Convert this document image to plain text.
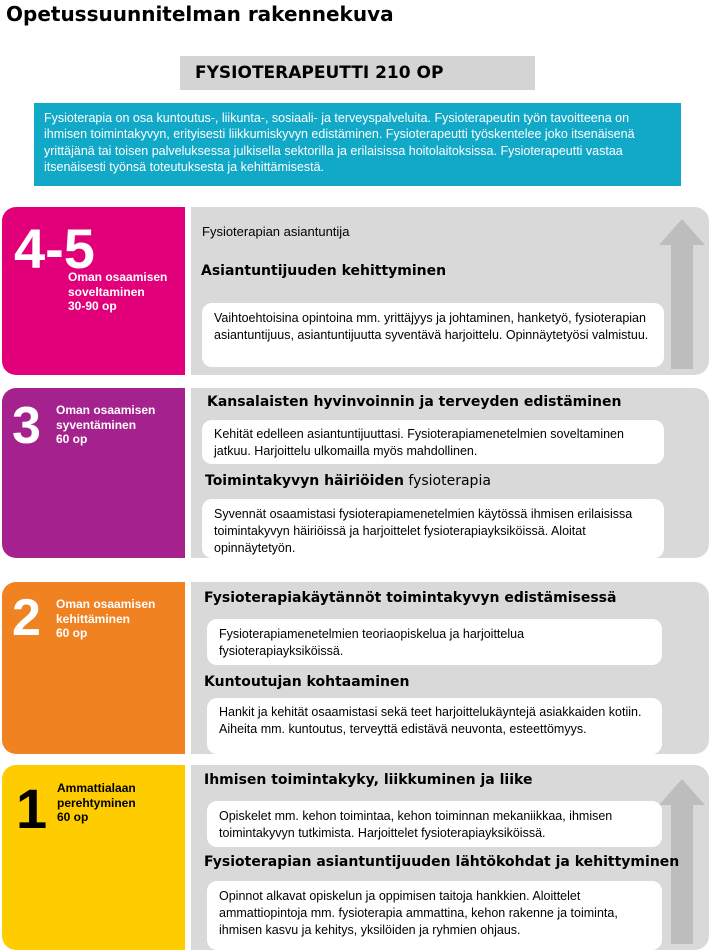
Opetussuunnitelman rakennekuva
FYSIOTERAPEUTTI 210 OP
Fysioterapia on osa kuntoutus-, liikunta-, sosiaali- ja terveyspalveluita. Fysioterapeutin työn tavoitteena on ihmisen toimintakyvyn, erityisesti liikkumiskyvyn edistäminen. Fysioterapeutti työskentelee joko itsenäisenä yrittäjänä tai toisen palveluksessa julkisella sektorilla ja erilaisissa hoitolaitoksissa. Fysioterapeutti vastaa itsenäisesti työnsä toteutuksesta ja kehittämisestä.
4-5
Oman osaamisen
soveltaminen
30-90 op
Fysioterapian asiantuntija
Asiantuntijuuden kehittyminen
Vaihtoehtoisina opintoina mm. yrittäjyys ja johtaminen, hanketyö, fysioterapian asiantuntijuus, asiantuntijuutta syventävä harjoittelu. Opinnäytetyösi valmistuu.
3 Oman osaamisen
syventäminen
60 op
Kansalaisten hyvinvoinnin ja terveyden edistäminen
Kehität edelleen asiantuntijuuttasi. Fysioterapiamenetelmien soveltaminen jatkuu. Harjoittelu ulkomailla myös mahdollinen.
Toimintakyvyn häiriöiden fysioterapia
Syvennät osaamistasi fysioterapiamenetelmien käytössä ihmisen erilaisissa toimintakyvyn häiriöissä ja harjoittelet fysioterapiayksiköissä. Aloitat opinnäytetyön.
2 Oman osaamisen
kehittäminen
60 op
Fysioterapiakäytännöt toimintakyvyn edistämisessä
Fysioterapiamenetelmien teoriaopiskelua ja harjoittelua fysioterapiayksiköissä.
Kuntoutujan kohtaaminen
Hankit ja kehität osaamistasi sekä teet harjoittelukäyntejä asiakkaiden kotiin. Aiheita mm. kuntoutus, terveyttä edistävä neuvonta, esteettömyys.
1 Ammattialaan
perehtyminen
60 op
Ihmisen toimintakyky, liikkuminen ja liike
Opiskelet mm. kehon toimintaa, kehon toiminnan mekaniikkaa, ihmisen toimintakyvyn tutkimista. Harjoittelet fysioterapiayksiköissä.
Fysioterapian asiantuntijuuden lähtökohdat ja kehittyminen
Opinnot alkavat opiskelun ja oppimisen taitoja hankkien. Aloittelet ammattiopintoja mm. fysioterapia ammattina, kehon rakenne ja toiminta, ihmisen kasvu ja kehitys, yksilöiden ja ryhmien ohjaus.
